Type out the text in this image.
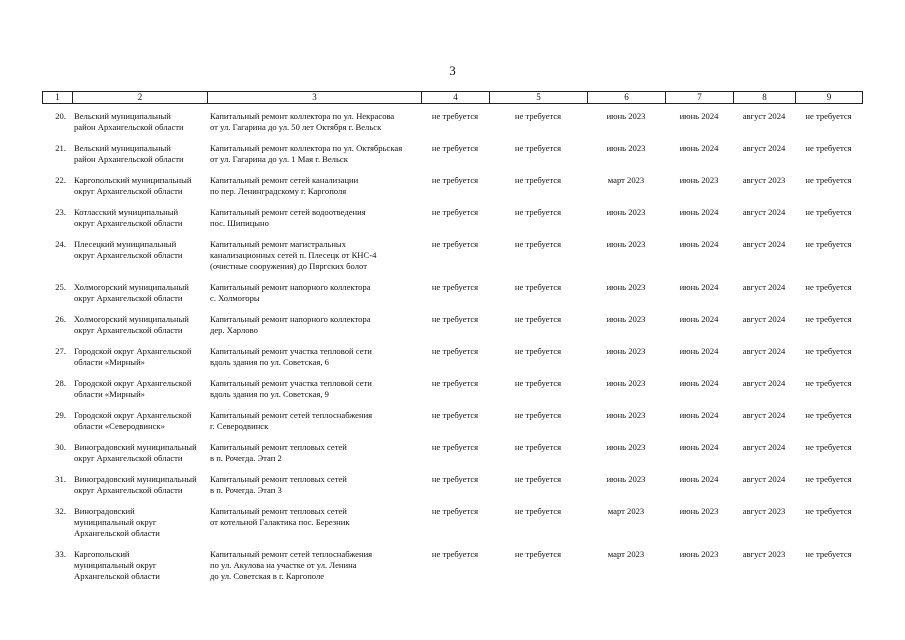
3
1	2	3	4	5	6	7	8	9
20.	Вельский муниципальный
район Архангельской области	Капитальный ремонт коллектора по ул. Некрасова
от ул. Гагарина до ул. 50 лет Октября г. Вельск	не требуется	не требуется	июнь 2023	июнь 2024	август 2024	не требуется
21.	Вельский муниципальный
район Архангельской области	Капитальный ремонт коллектора по ул. Октябрьская
от ул. Гагарина до ул. 1 Мая г. Вельск	не требуется	не требуется	июнь 2023	июнь 2024	август 2024	не требуется
22.	Каргопольский муниципальный
округ Архангельской области	Капитальный ремонт сетей канализации
по пер. Ленинградскому г. Каргополя	не требуется	не требуется	март 2023	июнь 2023	август 2023	не требуется
23.	Котласский муниципальный
округ Архангельской области	Капитальный ремонт сетей водоотведения
пос. Шипицыно	не требуется	не требуется	июнь 2023	июнь 2024	август 2024	не требуется
24.	Плесецкий муниципальный
округ Архангельской области	Капитальный ремонт магистральных
канализационных сетей п. Плесецк от КНС-4
(очистные сооружения) до Пяргских болот	не требуется	не требуется	июнь 2023	июнь 2024	август 2024	не требуется
25.	Холмогорский муниципальный
округ Архангельской области	Капитальный ремонт напорного коллектора
с. Холмогоры	не требуется	не требуется	июнь 2023	июнь 2024	август 2024	не требуется
26.	Холмогорский муниципальный
округ Архангельской области	Капитальный ремонт напорного коллектора
дер. Харлово	не требуется	не требуется	июнь 2023	июнь 2024	август 2024	не требуется
27.	Городской округ Архангельской
области «Мирный»	Капитальный ремонт участка тепловой сети
вдоль здания по ул. Советская, 6	не требуется	не требуется	июнь 2023	июнь 2024	август 2024	не требуется
28.	Городской округ Архангельской
области «Мирный»	Капитальный ремонт участка тепловой сети
вдоль здания по ул. Советская, 9	не требуется	не требуется	июнь 2023	июнь 2024	август 2024	не требуется
29.	Городской округ Архангельской
области «Северодвинск»	Капитальный ремонт сетей теплоснабжения
г. Северодвинск	не требуется	не требуется	июнь 2023	июнь 2024	август 2024	не требуется
30.	Виноградовский муниципальный
округ Архангельской области	Капитальный ремонт тепловых сетей
в п. Рочегда. Этап 2	не требуется	не требуется	июнь 2023	июнь 2024	август 2024	не требуется
31.	Виноградовский муниципальный
округ Архангельской области	Капитальный ремонт тепловых сетей
в п. Рочегда. Этап 3	не требуется	не требуется	июнь 2023	июнь 2024	август 2024	не требуется
32.	Виноградовский
муниципальный округ
Архангельской области	Капитальный ремонт тепловых сетей
от котельной Галактика пос. Березник	не требуется	не требуется	март 2023	июнь 2023	август 2023	не требуется
33.	Каргопольский
муниципальный округ
Архангельской области	Капитальный ремонт сетей теплоснабжения
по ул. Акулова на участке от ул. Ленина
до ул. Советская в г. Каргополе	не требуется	не требуется	март 2023	июнь 2023	август 2023	не требуется
